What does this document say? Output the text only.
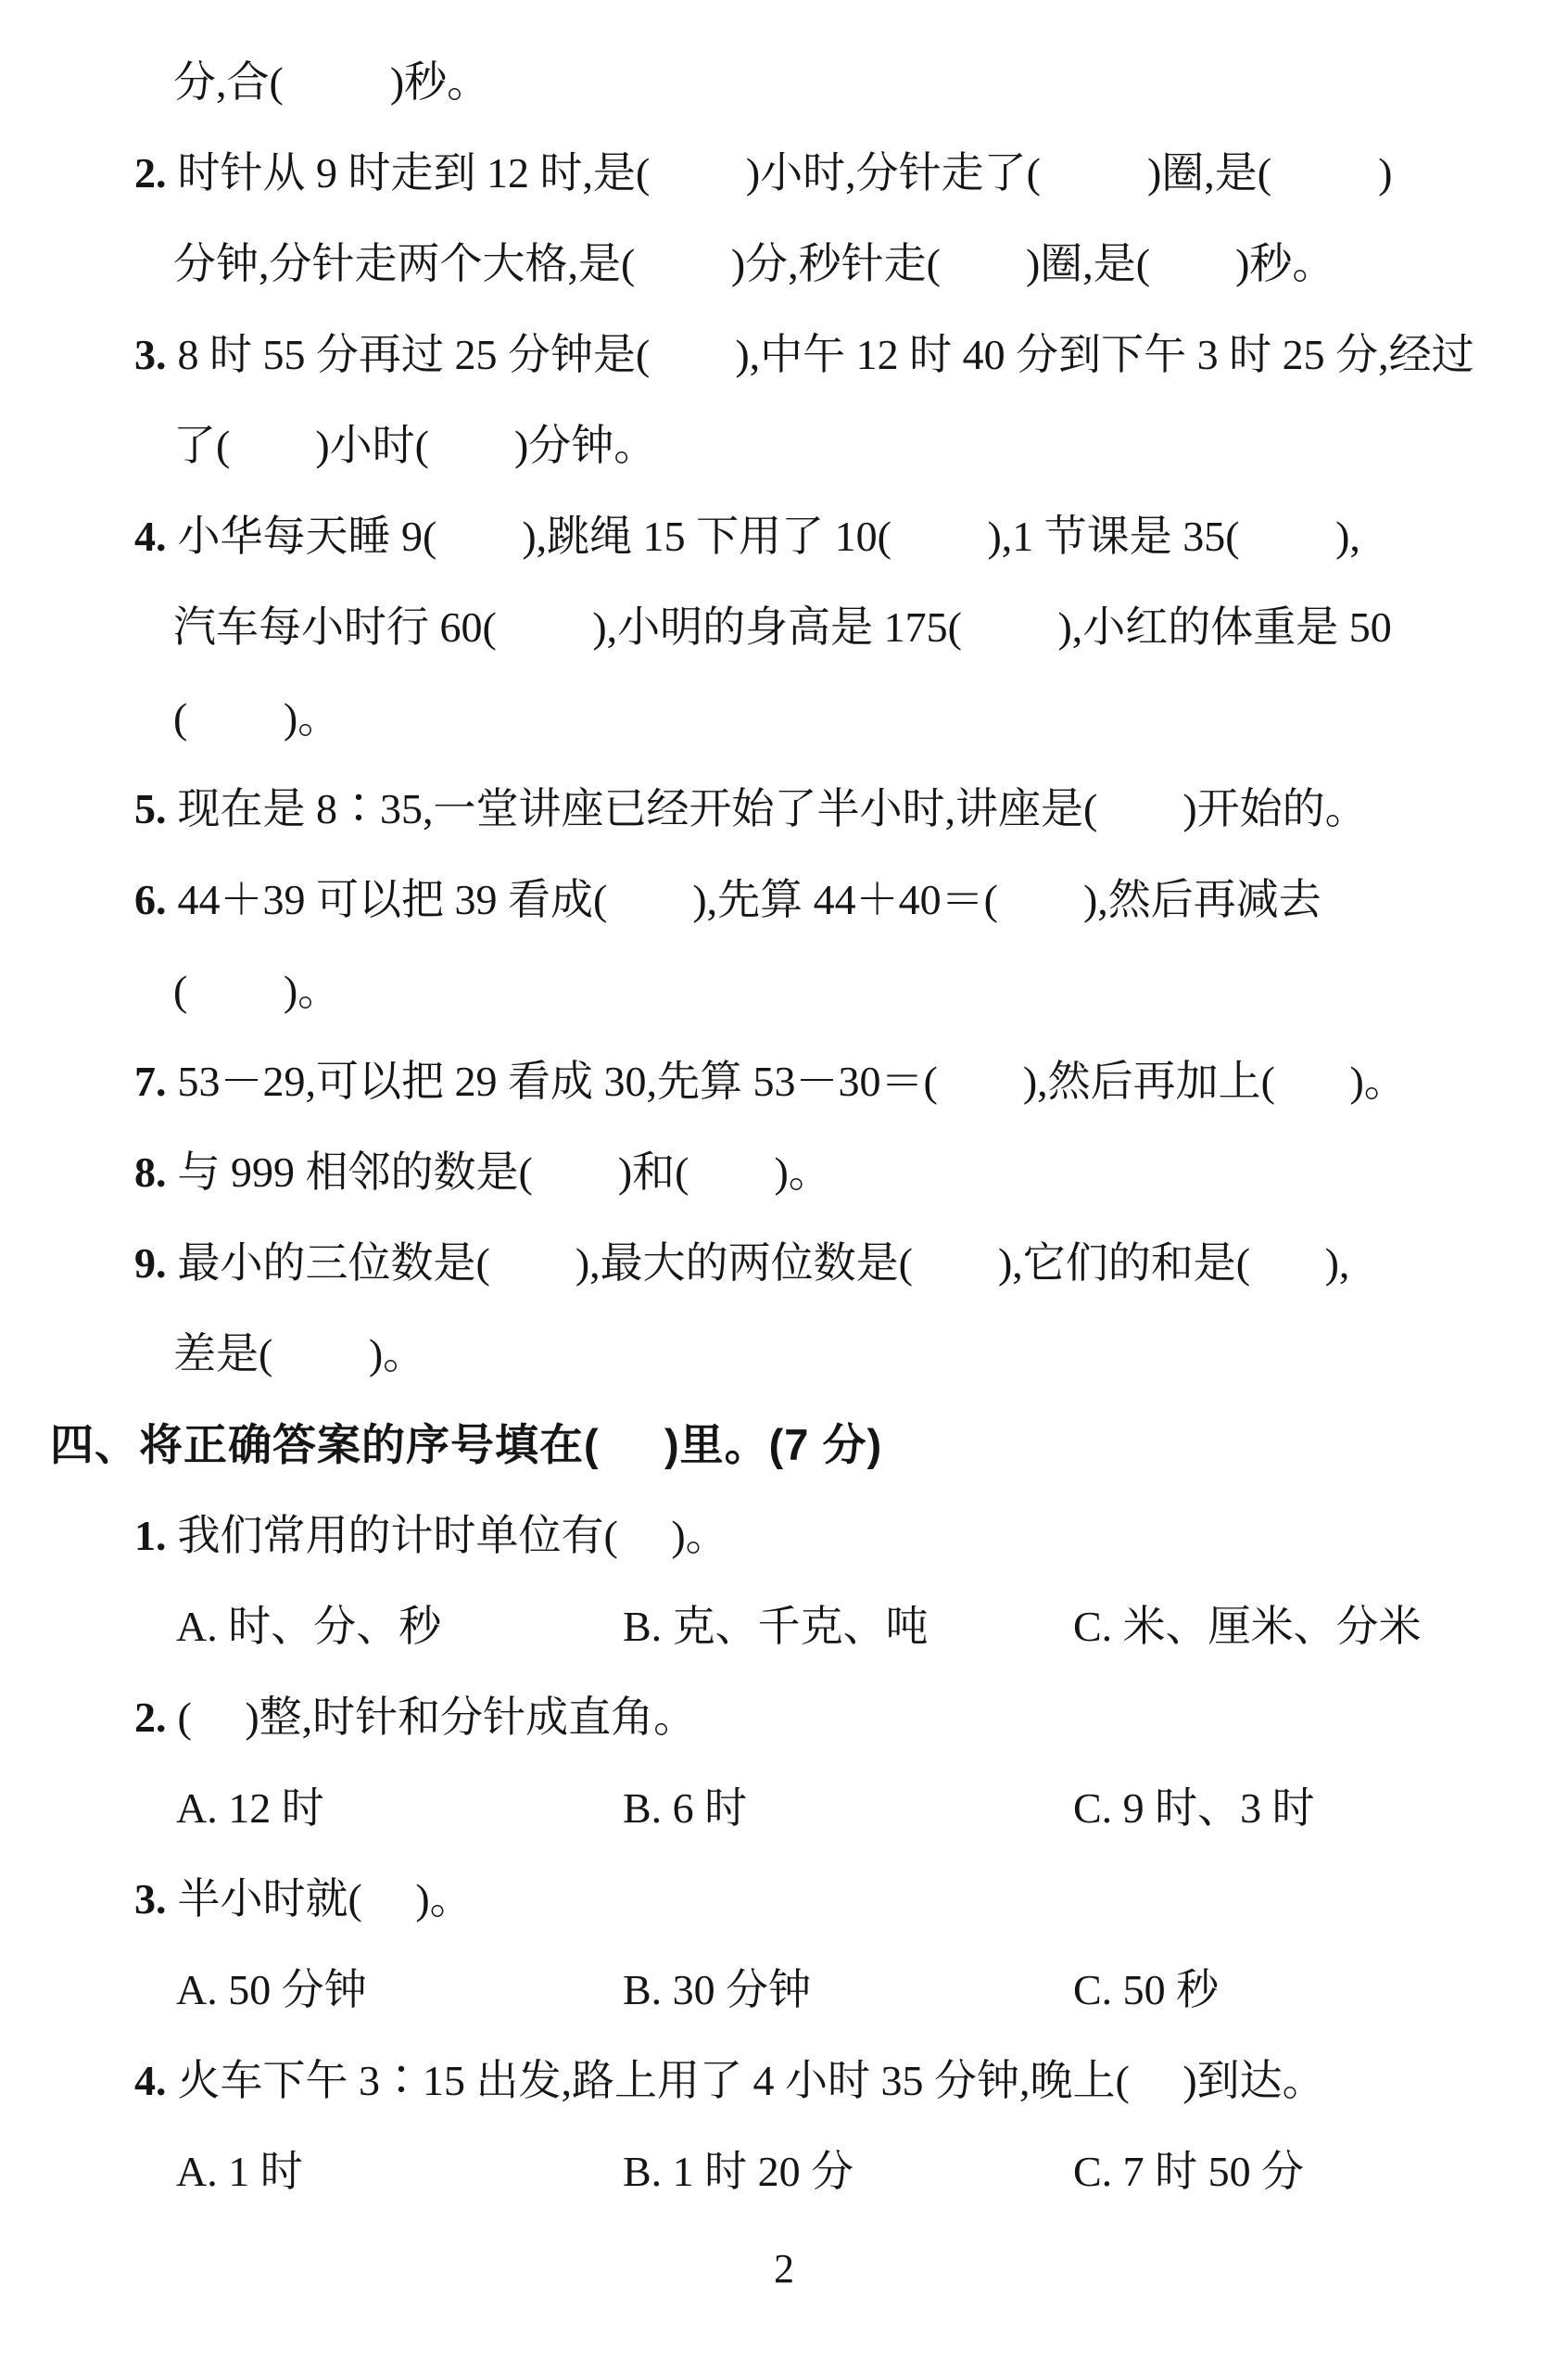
分,合(          )秒。
2. 时针从 9 时走到 12 时,是(         )小时,分针走了(          )圈,是(          )
分钟,分针走两个大格,是(         )分,秒针走(        )圈,是(        )秒。
3. 8 时 55 分再过 25 分钟是(        ),中午 12 时 40 分到下午 3 时 25 分,经过
了(        )小时(        )分钟。
4. 小华每天睡 9(        ),跳绳 15 下用了 10(         ),1 节课是 35(         ),
汽车每小时行 60(         ),小明的身高是 175(         ),小红的体重是 50
(         )。
5. 现在是 8∶35,一堂讲座已经开始了半小时,讲座是(        )开始的。
6. 44＋39 可以把 39 看成(        ),先算 44＋40＝(        ),然后再减去
(         )。
7. 53－29,可以把 29 看成 30,先算 53－30＝(        ),然后再加上(       )。
8. 与 999 相邻的数是(        )和(        )。
9. 最小的三位数是(        ),最大的两位数是(        ),它们的和是(       ),
差是(         )。
四、将正确答案的序号填在(     )里。(7 分)
1. 我们常用的计时单位有(     )。

A. 时、分、秒

	B. 克、千克、吨

	C. 米、厘米、分米

2. (     )整,时针和分针成直角。

A. 12 时

	B. 6 时

	C. 9 时、3 时

3. 半小时就(     )。

A. 50 分钟

	B. 30 分钟

	C. 50 秒

4. 火车下午 3∶15 出发,路上用了 4 小时 35 分钟,晚上(     )到达。

A. 1 时

	B. 1 时 20 分

	C. 7 时 50 分

2
